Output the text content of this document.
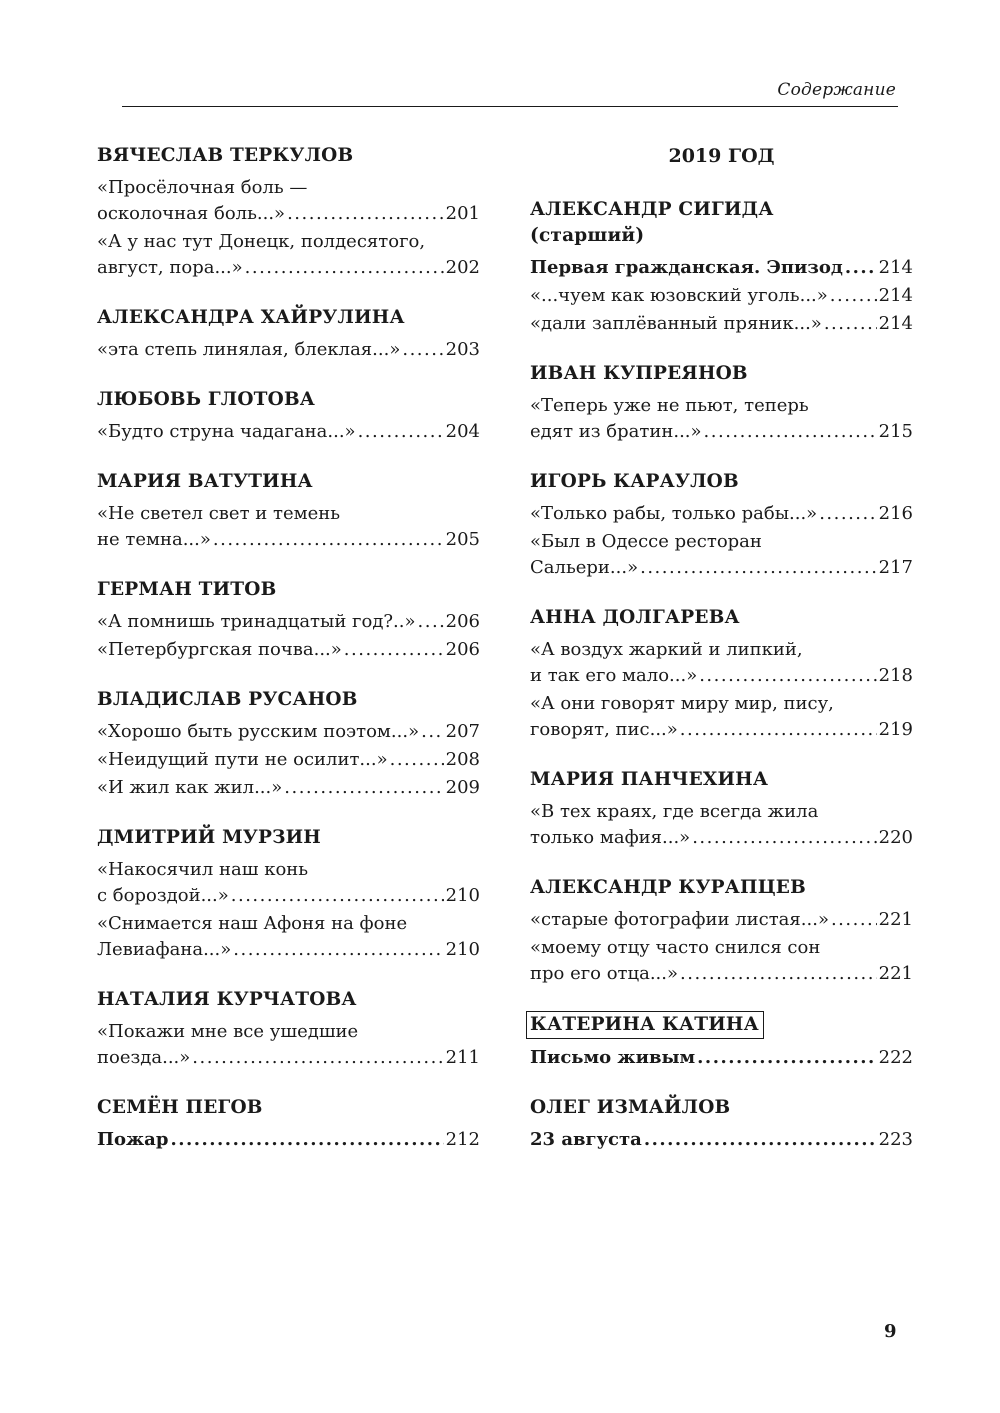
Содержание
ВЯЧЕСЛАВ ТЕРКУЛОВ
«Просёлочная боль —
осколочная боль...» .....	201
«А у нас тут Донецк, полдесятого,
август, пора...» .....	202
АЛЕКСАНДРА ХАЙРУЛИНА
«эта степь линялая, блеклая...» .....	203
ЛЮБОВЬ ГЛОТОВА
«Будто струна чадагана...» .....	204
МАРИЯ ВАТУТИНА
«Не светел свет и темень
не темна...» .....	205
ГЕРМАН ТИТОВ
«А помнишь тринадцатый год?..» ..... 206
«Петербургская почва...» .....	206
ВЛАДИСЛАВ РУСАНОВ
«Хорошо быть русским поэтом...» ..... 207
«Неидущий пути не осилит...» .....	208
«И жил как жил...» .....	209
ДМИТРИЙ МУРЗИН
«Накосячил наш конь
с бороздой...» .....	210
«Снимается наш Афоня на фоне
Левиафана...» .....	210
НАТАЛИЯ КУРЧАТОВА
«Покажи мне все ушедшие
поезда...» .....	211
СЕМЁН ПЕГОВ
Пожар .....	212
2019 ГОД
АЛЕКСАНДР СИГИДА
(старший)
Первая гражданская. Эпизод ..... 214
«...чуем как юзовский уголь...» .....	214
«дали заплёванный пряник...» .....	214
ИВАН КУПРЕЯНОВ
«Теперь уже не пьют, теперь
едят из братин...» .....	215
ИГОРЬ КАРАУЛОВ
«Только рабы, только рабы...» .....	216
«Был в Одессе ресторан
Сальери...» .....	217
АННА ДОЛГАРЕВА
«А воздух жаркий и липкий,
и так его мало...» .....	218
«А они говорят миру мир, пису,
говорят, пис...» .....	219
МАРИЯ ПАНЧЕХИНА
«В тех краях, где всегда жила
только мафия...» .....	220
АЛЕКСАНДР КУРАПЦЕВ
«старые фотографии листая...» .....	221
«моему отцу часто снился сон
про его отца...» .....	221
КАТЕРИНА КАТИНА
Письмо живым .....	222
ОЛЕГ ИЗМАЙЛОВ
23 августа .....	223
9
